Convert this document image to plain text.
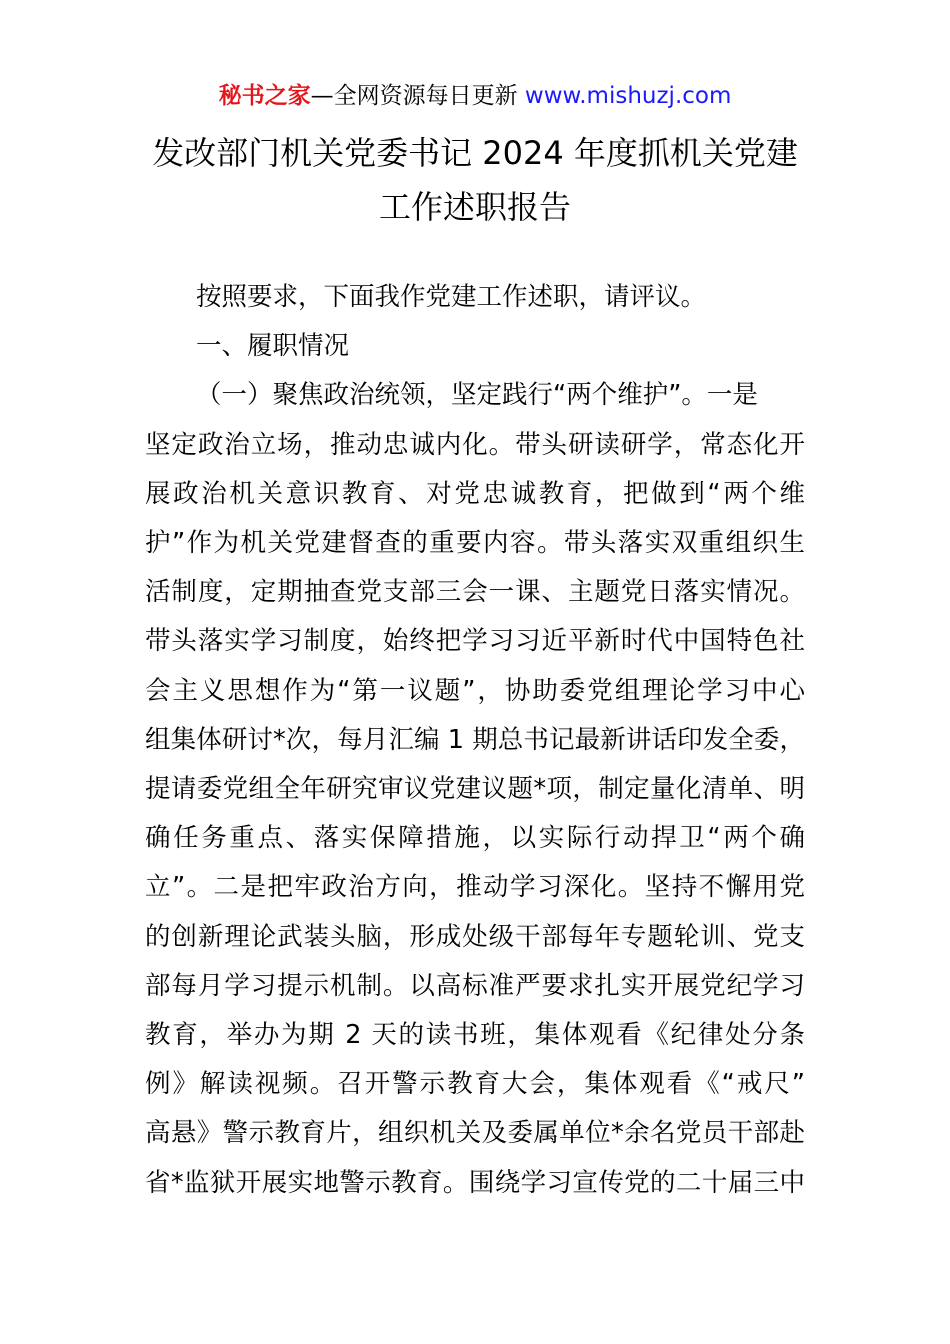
秘书之家—全网资源每日更新 www.mishuzj.com
发改部门机关党委书记 2024 年度抓机关党建
工作述职报告
按照要求，下面我作党建工作述职，请评议。
一、履职情况
（一）聚焦政治统领，坚定践行“两个维护”。一是
坚定政治立场，推动忠诚内化。带头研读研学，常态化开
展政治机关意识教育、对党忠诚教育，把做到“两个维
护”作为机关党建督查的重要内容。带头落实双重组织生
活制度，定期抽查党支部三会一课、主题党日落实情况。
带头落实学习制度，始终把学习习近平新时代中国特色社
会主义思想作为“第一议题”，协助委党组理论学习中心
组集体研讨*次，每月汇编 1 期总书记最新讲话印发全委，
提请委党组全年研究审议党建议题*项，制定量化清单、明
确任务重点、落实保障措施，以实际行动捍卫“两个确
立”。二是把牢政治方向，推动学习深化。坚持不懈用党
的创新理论武装头脑，形成处级干部每年专题轮训、党支
部每月学习提示机制。以高标准严要求扎实开展党纪学习
教育，举办为期 2 天的读书班，集体观看《纪律处分条
例》解读视频。召开警示教育大会，集体观看《“戒尺”
高悬》警示教育片，组织机关及委属单位*余名党员干部赴
省*监狱开展实地警示教育。围绕学习宣传党的二十届三中
